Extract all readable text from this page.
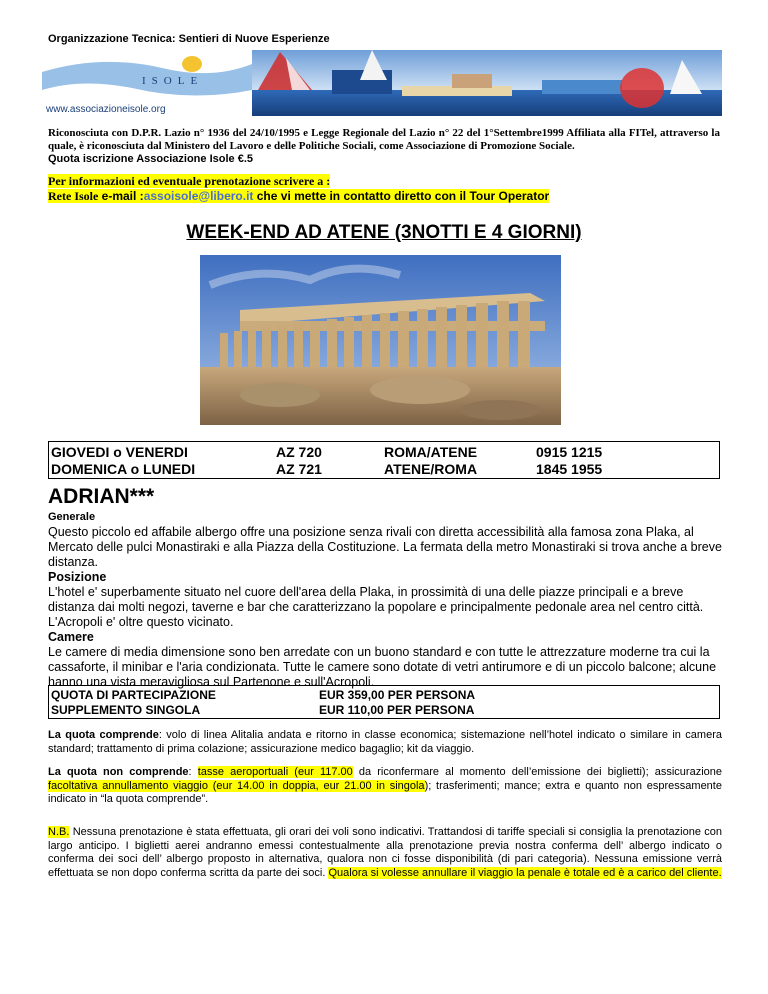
Organizzazione Tecnica: Sentieri di Nuove Esperienze
ISOLE
www.associazioneisole.org
Riconosciuta con D.P.R. Lazio n° 1936 del 24/10/1995 e Legge Regionale del Lazio n° 22 del 1°Settembre1999 Affiliata alla FITel, attraverso la quale, è riconosciuta dal Ministero del Lavoro e delle Politiche Sociali, come Associazione di Promozione Sociale.
Quota iscrizione Associazione Isole €.5
Per informazioni ed eventuale prenotazione scrivere a :
Rete Isole e-mail :assoisole@libero.it che vi mette in contatto diretto con il Tour Operator
WEEK-END AD ATENE (3NOTTI E 4 GIORNI)
GIOVEDI o VENERDI	AZ 720	ROMA/ATENE	0915 1215
DOMENICA o LUNEDI	AZ 721	ATENE/ROMA	1845 1955
ADRIAN***
Generale
Questo piccolo ed affabile albergo offre una posizione senza rivali con diretta accessibilità alla famosa zona Plaka, al Mercato delle pulci Monastiraki e alla Piazza della Costituzione. La fermata della metro Monastiraki si trova anche a breve distanza.
Posizione
L'hotel e' superbamente situato nel cuore dell'area della Plaka, in prossimità di una delle piazze principali e a breve distanza dai molti negozi, taverne e bar che caratterizzano la popolare e principalmente pedonale area nel centro città. L'Acropoli e' oltre questo vicinato.
Camere
Le camere di media dimensione sono ben arredate con un buono standard e con tutte le attrezzature moderne tra cui la cassaforte, il minibar e l'aria condizionata. Tutte le camere sono dotate di vetri antirumore e di un piccolo balcone; alcune hanno una vista meravigliosa sul Partenone e sull'Acropoli.
QUOTA DI PARTECIPAZIONE	EUR 359,00 PER PERSONA
SUPPLEMENTO SINGOLA	EUR 110,00 PER PERSONA
La quota comprende: volo di linea Alitalia andata e ritorno in classe economica; sistemazione nell’hotel indicato o similare in camera standard; trattamento di prima colazione; assicurazione medico bagaglio; kit da viaggio.
La quota non comprende: tasse aeroportuali (eur 117.00 da riconfermare al momento dell’emissione dei biglietti); assicurazione facoltativa annullamento viaggio (eur 14.00 in doppia, eur 21.00 in singola); trasferimenti; mance; extra e quanto non espressamente indicato in “la quota comprende”.
N.B. Nessuna prenotazione è stata effettuata, gli orari dei voli sono indicativi. Trattandosi di tariffe speciali si consiglia la prenotazione con largo anticipo. I biglietti aerei andranno emessi contestualmente alla prenotazione previa nostra conferma dell’ albergo indicato o conferma dei soci dell’ albergo proposto in alternativa, qualora non ci fosse disponibilità (di pari categoria). Nessuna emissione verrà effettuata se non dopo conferma scritta da parte dei soci. Qualora si volesse annullare il viaggio la penale è totale ed è a carico del cliente.
